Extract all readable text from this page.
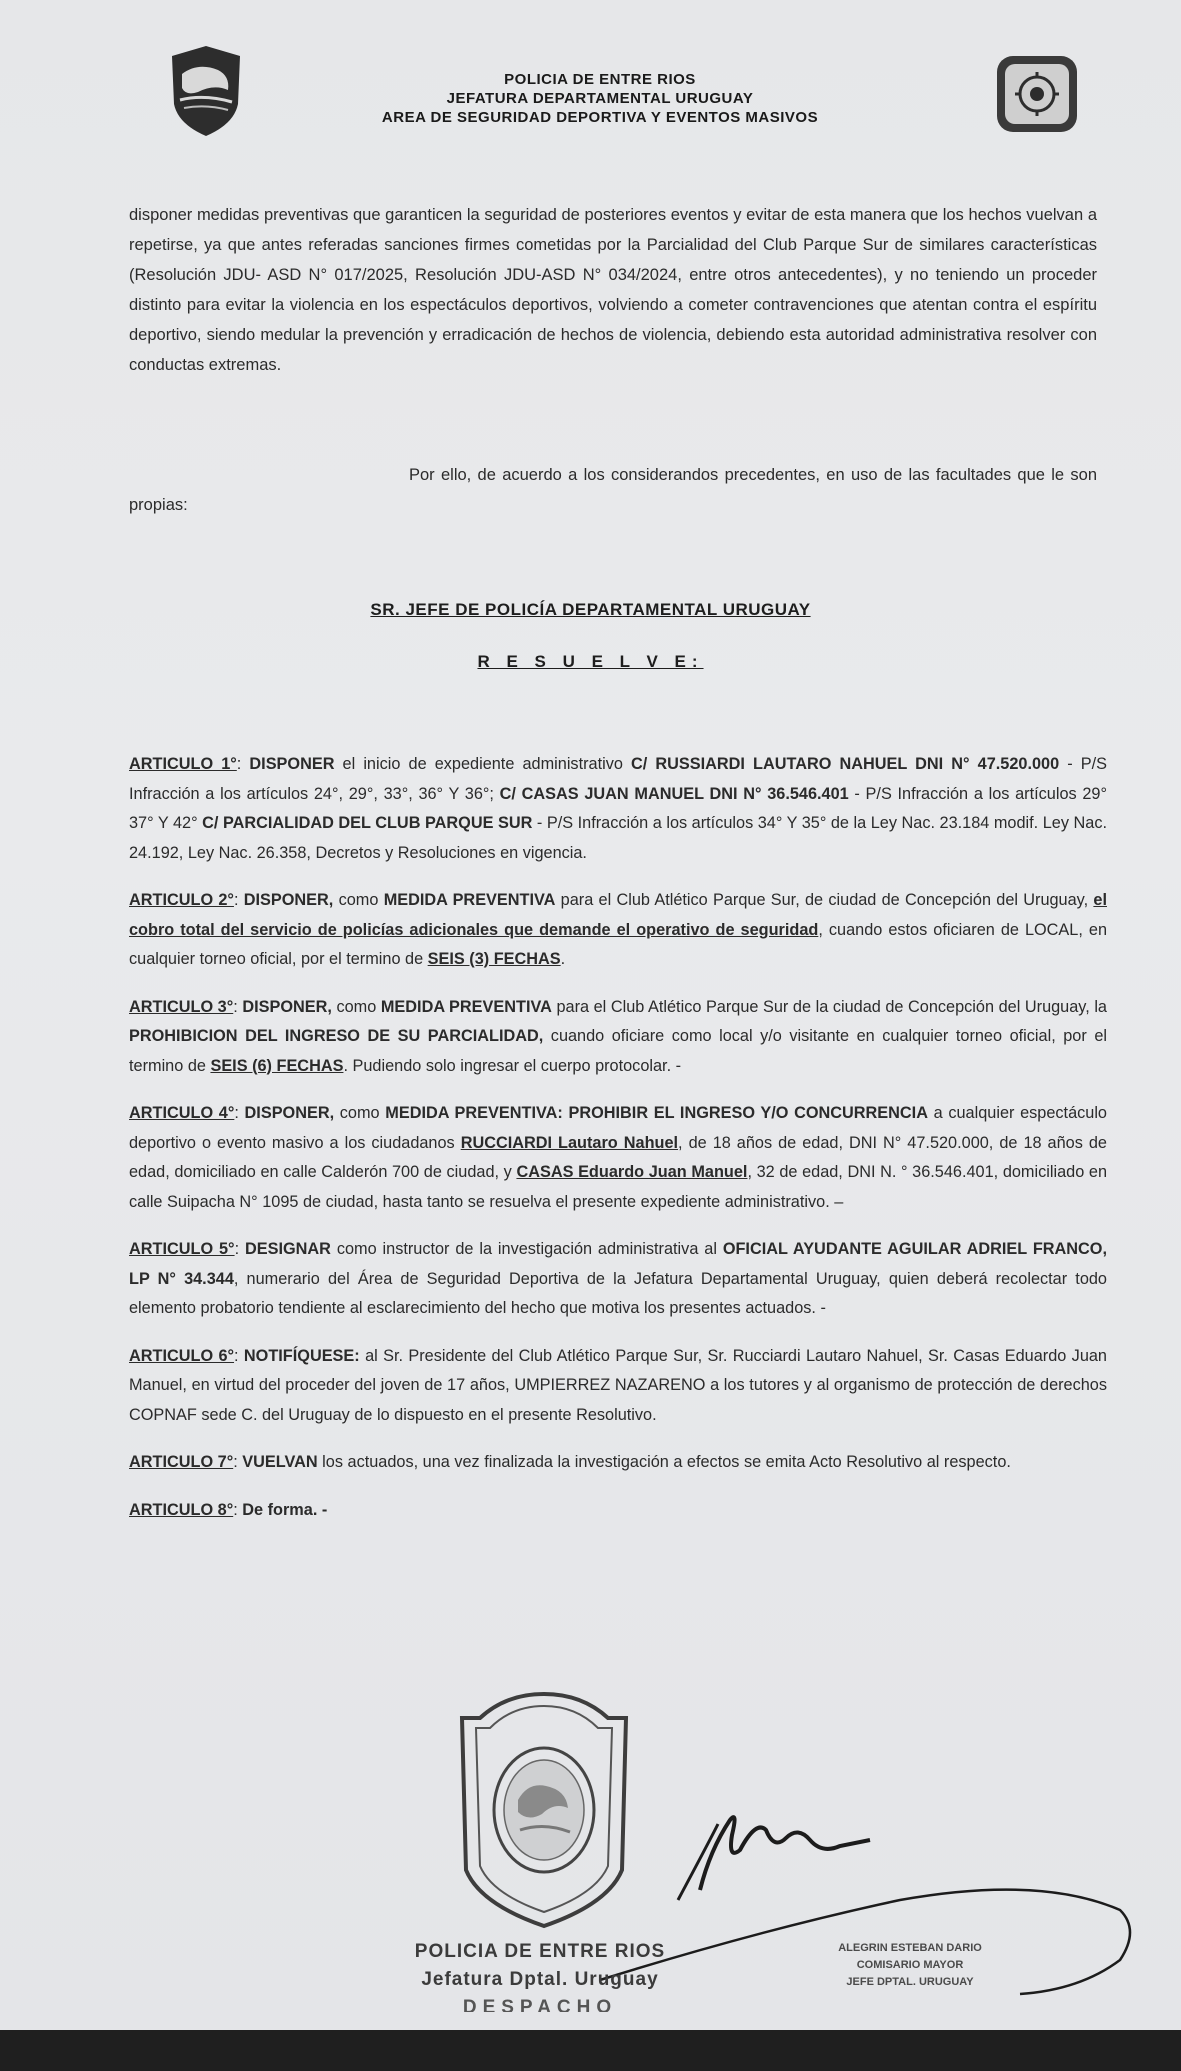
POLICIA DE ENTRE RIOS
JEFATURA DEPARTAMENTAL URUGUAY
AREA DE SEGURIDAD DEPORTIVA Y EVENTOS MASIVOS
disponer medidas preventivas que garanticen la seguridad de posteriores eventos y evitar de esta manera que los hechos vuelvan a repetirse, ya que antes referadas sanciones firmes cometidas por la Parcialidad del Club Parque Sur de similares características (Resolución JDU- ASD N° 017/2025, Resolución JDU-ASD N° 034/2024, entre otros antecedentes), y no teniendo un proceder distinto para evitar la violencia en los espectáculos deportivos, volviendo a cometer contravenciones que atentan contra el espíritu deportivo, siendo medular la prevención y erradicación de hechos de violencia, debiendo esta autoridad administrativa resolver con conductas extremas.
Por ello, de acuerdo a los considerandos precedentes, en uso de las facultades que le son propias:
SR. JEFE DE POLICÍA DEPARTAMENTAL URUGUAY
R E S U E L V E:
ARTICULO 1°: DISPONER el inicio de expediente administrativo C/ RUSSIARDI LAUTARO NAHUEL DNI N° 47.520.000 - P/S Infracción a los artículos 24°, 29°, 33°, 36° Y 36°; C/ CASAS JUAN MANUEL DNI N° 36.546.401 - P/S Infracción a los artículos 29° 37° Y 42° C/ PARCIALIDAD DEL CLUB PARQUE SUR - P/S Infracción a los artículos 34° Y 35° de la Ley Nac. 23.184 modif. Ley Nac. 24.192, Ley Nac. 26.358, Decretos y Resoluciones en vigencia.
ARTICULO 2°: DISPONER, como MEDIDA PREVENTIVA para el Club Atlético Parque Sur, de ciudad de Concepción del Uruguay, el cobro total del servicio de policías adicionales que demande el operativo de seguridad, cuando estos oficiaren de LOCAL, en cualquier torneo oficial, por el termino de SEIS (3) FECHAS.
ARTICULO 3°: DISPONER, como MEDIDA PREVENTIVA para el Club Atlético Parque Sur de la ciudad de Concepción del Uruguay, la PROHIBICION DEL INGRESO DE SU PARCIALIDAD, cuando oficiare como local y/o visitante en cualquier torneo oficial, por el termino de SEIS (6) FECHAS. Pudiendo solo ingresar el cuerpo protocolar. -
ARTICULO 4°: DISPONER, como MEDIDA PREVENTIVA: PROHIBIR EL INGRESO Y/O CONCURRENCIA a cualquier espectáculo deportivo o evento masivo a los ciudadanos RUCCIARDI Lautaro Nahuel, de 18 años de edad, DNI N° 47.520.000, de 18 años de edad, domiciliado en calle Calderón 700 de ciudad, y CASAS Eduardo Juan Manuel, 32 de edad, DNI N. ° 36.546.401, domiciliado en calle Suipacha N° 1095 de ciudad, hasta tanto se resuelva el presente expediente administrativo. –
ARTICULO 5°: DESIGNAR como instructor de la investigación administrativa al OFICIAL AYUDANTE AGUILAR ADRIEL FRANCO, LP N° 34.344, numerario del Área de Seguridad Deportiva de la Jefatura Departamental Uruguay, quien deberá recolectar todo elemento probatorio tendiente al esclarecimiento del hecho que motiva los presentes actuados. -
ARTICULO 6°: NOTIFÍQUESE: al Sr. Presidente del Club Atlético Parque Sur, Sr. Rucciardi Lautaro Nahuel, Sr. Casas Eduardo Juan Manuel, en virtud del proceder del joven de 17 años, UMPIERREZ NAZARENO a los tutores y al organismo de protección de derechos COPNAF sede C. del Uruguay de lo dispuesto en el presente Resolutivo.
ARTICULO 7°: VUELVAN los actuados, una vez finalizada la investigación a efectos se emita Acto Resolutivo al respecto.
ARTICULO 8°: De forma. -
POLICIA DE ENTRE RIOS
Jefatura Dptal. Uruguay
DESPACHO
ALEGRIN ESTEBAN DARIO
COMISARIO MAYOR
JEFE DPTAL. URUGUAY
